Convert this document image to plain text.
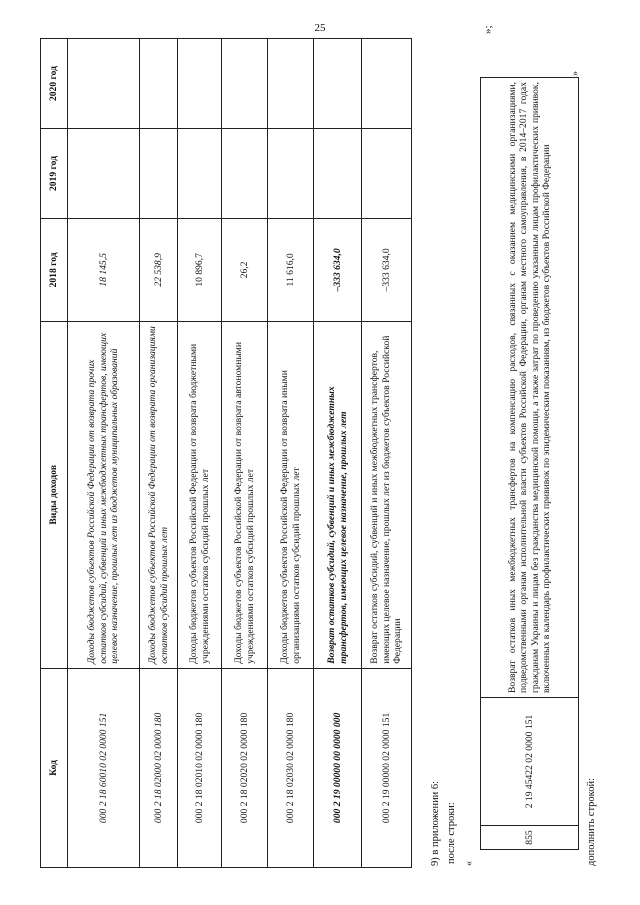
25
Код	Виды доходов	2018 год	2019 год	2020 год
000 2 18 60010 02 0000 151	Доходы бюджетов субъектов Российской Федерации от возврата прочих остатков субсидий, субвенций и иных межбюджетных трансфертов, имеющих целевое назначение, прошлых лет из бюджетов муниципальных образований	18 145,5		
000 2 18 02000 02 0000 180	Доходы бюджетов субъектов Российской Федерации от возврата организациями остатков субсидий прошлых лет	22 538,9		
000 2 18 02010 02 0000 180	Доходы бюджетов субъектов Российской Федерации от возврата бюджетными учреждениями остатков субсидий прошлых лет	10 896,7		
000 2 18 02020 02 0000 180	Доходы бюджетов субъектов Российской Федерации от возврата автономными учреждениями остатков субсидий прошлых лет	26,2		
000 2 18 02030 02 0000 180	Доходы бюджетов субъектов Российской Федерации от возврата иными организациями остатков субсидий прошлых лет	11 616,0		
000 2 19 00000 00 0000 000	Возврат остатков субсидий, субвенций и иных межбюджетных трансфертов, имеющих целевое назначение, прошлых лет	–333 634,0		
000 2 19 00000 02 0000 151	Возврат остатков субсидий, субвенций и иных межбюджетных трансфертов, имеющих целевое назначение, прошлых лет из бюджетов субъектов Российской Федерации	–333 634,0		
»;
9) в приложении 6: после строки: «
855	2 19 45422 02 0000 151	Возврат остатков иных межбюджетных трансфертов на компенсацию расходов, связанных с оказанием медицинскими организациями, подведомственными органам исполнительной власти субъектов Российской Федерации, органам местного самоуправления, в 2014–2017 годах гражданам Украины и лицам без гражданства медицинской помощи, а также затрат по проведению указанным лицам профилактических прививок, включенных в календарь профилактических прививок по эпидемическим показаниям, из бюджетов субъектов Российской Федерации
»
дополнить строкой:
